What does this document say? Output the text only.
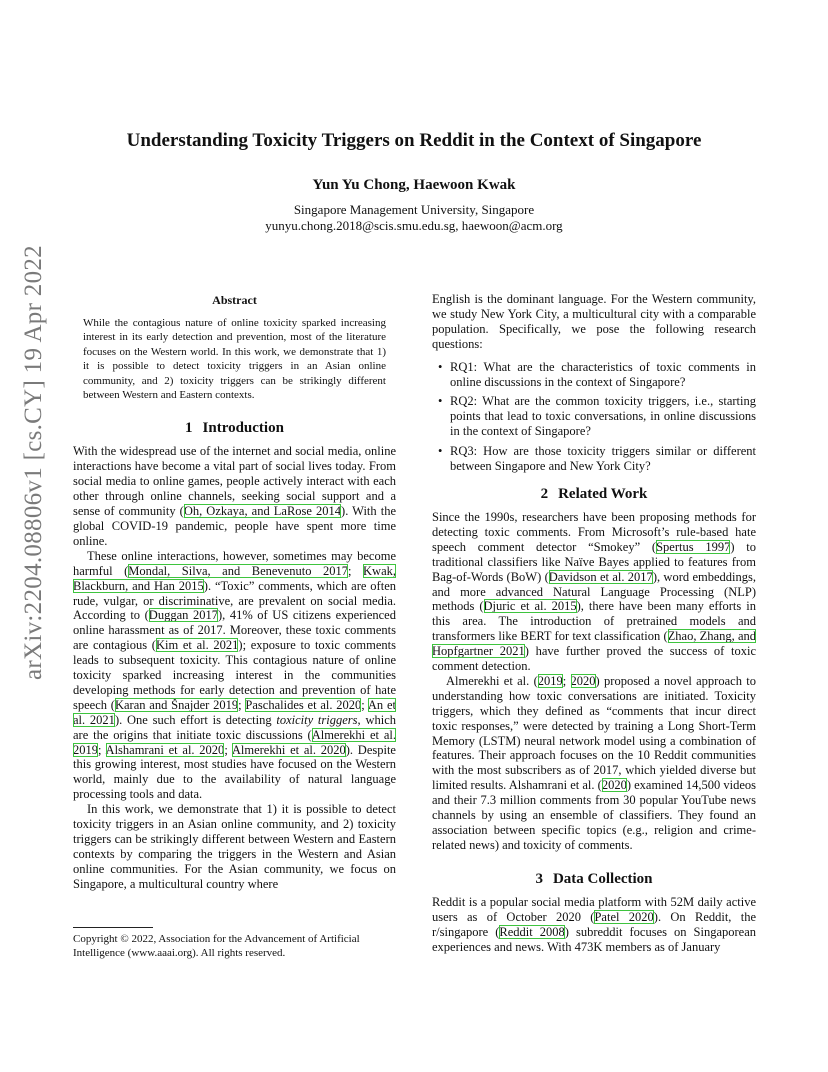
arXiv:2204.08806v1 [cs.CY] 19 Apr 2022
Understanding Toxicity Triggers on Reddit in the Context of Singapore
Yun Yu Chong, Haewoon Kwak
Singapore Management University, Singapore
yunyu.chong.2018@scis.smu.edu.sg, haewoon@acm.org
Abstract
While the contagious nature of online toxicity sparked increasing interest in its early detection and prevention, most of the literature focuses on the Western world. In this work, we demonstrate that 1) it is possible to detect toxicity triggers in an Asian online community, and 2) toxicity triggers can be strikingly different between Western and Eastern contexts.
1 Introduction

With the widespread use of the internet and social media, online interactions have become a vital part of social lives today. From social media to online games, people actively interact with each other through online channels, seeking social support and a sense of community (Oh, Ozkaya, and LaRose 2014). With the global COVID-19 pandemic, people have spent more time online.

These online interactions, however, sometimes may become harmful (Mondal, Silva, and Benevenuto 2017; Kwak, Blackburn, and Han 2015). “Toxic” comments, which are often rude, vulgar, or discriminative, are prevalent on social media. According to (Duggan 2017), 41% of US citizens experienced online harassment as of 2017. Moreover, these toxic comments are contagious (Kim et al. 2021); exposure to toxic comments leads to subsequent toxicity. This contagious nature of online toxicity sparked increasing interest in the communities developing methods for early detection and prevention of hate speech (Karan and Šnajder 2019; Paschalides et al. 2020; An et al. 2021). One such effort is detecting toxicity triggers, which are the origins that initiate toxic discussions (Almerekhi et al. 2019; Alshamrani et al. 2020; Almerekhi et al. 2020). Despite this growing interest, most studies have focused on the Western world, mainly due to the availability of natural language processing tools and data.

In this work, we demonstrate that 1) it is possible to detect toxicity triggers in an Asian online community, and 2) toxicity triggers can be strikingly different between Western and Eastern contexts by comparing the triggers in the Western and Asian online communities. For the Asian community, we focus on Singapore, a multicultural country where

Copyright © 2022, Association for the Advancement of Artificial Intelligence (www.aaai.org). All rights reserved.

English is the dominant language. For the Western community, we study New York City, a multicultural city with a comparable population. Specifically, we pose the following research questions:

• RQ1: What are the characteristics of toxic comments in online discussions in the context of Singapore?
• RQ2: What are the common toxicity triggers, i.e., starting points that lead to toxic conversations, in online discussions in the context of Singapore?
• RQ3: How are those toxicity triggers similar or different between Singapore and New York City?
2 Related Work

Since the 1990s, researchers have been proposing methods for detecting toxic comments. From Microsoft’s rule-based hate speech comment detector “Smokey” (Spertus 1997) to traditional classifiers like Naïve Bayes applied to features from Bag-of-Words (BoW) (Davidson et al. 2017), word embeddings, and more advanced Natural Language Processing (NLP) methods (Djuric et al. 2015), there have been many efforts in this area. The introduction of pretrained models and transformers like BERT for text classification (Zhao, Zhang, and Hopfgartner 2021) have further proved the success of toxic comment detection.

Almerekhi et al. (2019; 2020) proposed a novel approach to understanding how toxic conversations are initiated. Toxicity triggers, which they defined as “comments that incur direct toxic responses,” were detected by training a Long Short-Term Memory (LSTM) neural network model using a combination of features. Their approach focuses on the 10 Reddit communities with the most subscribers as of 2017, which yielded diverse but limited results. Alshamrani et al. (2020) examined 14,500 videos and their 7.3 million comments from 30 popular YouTube news channels by using an ensemble of classifiers. They found an association between specific topics (e.g., religion and crime-related news) and toxicity of comments.

3 Data Collection

Reddit is a popular social media platform with 52M daily active users as of October 2020 (Patel 2020). On Reddit, the r/singapore (Reddit 2008) subreddit focuses on Singaporean experiences and news. With 473K members as of January
